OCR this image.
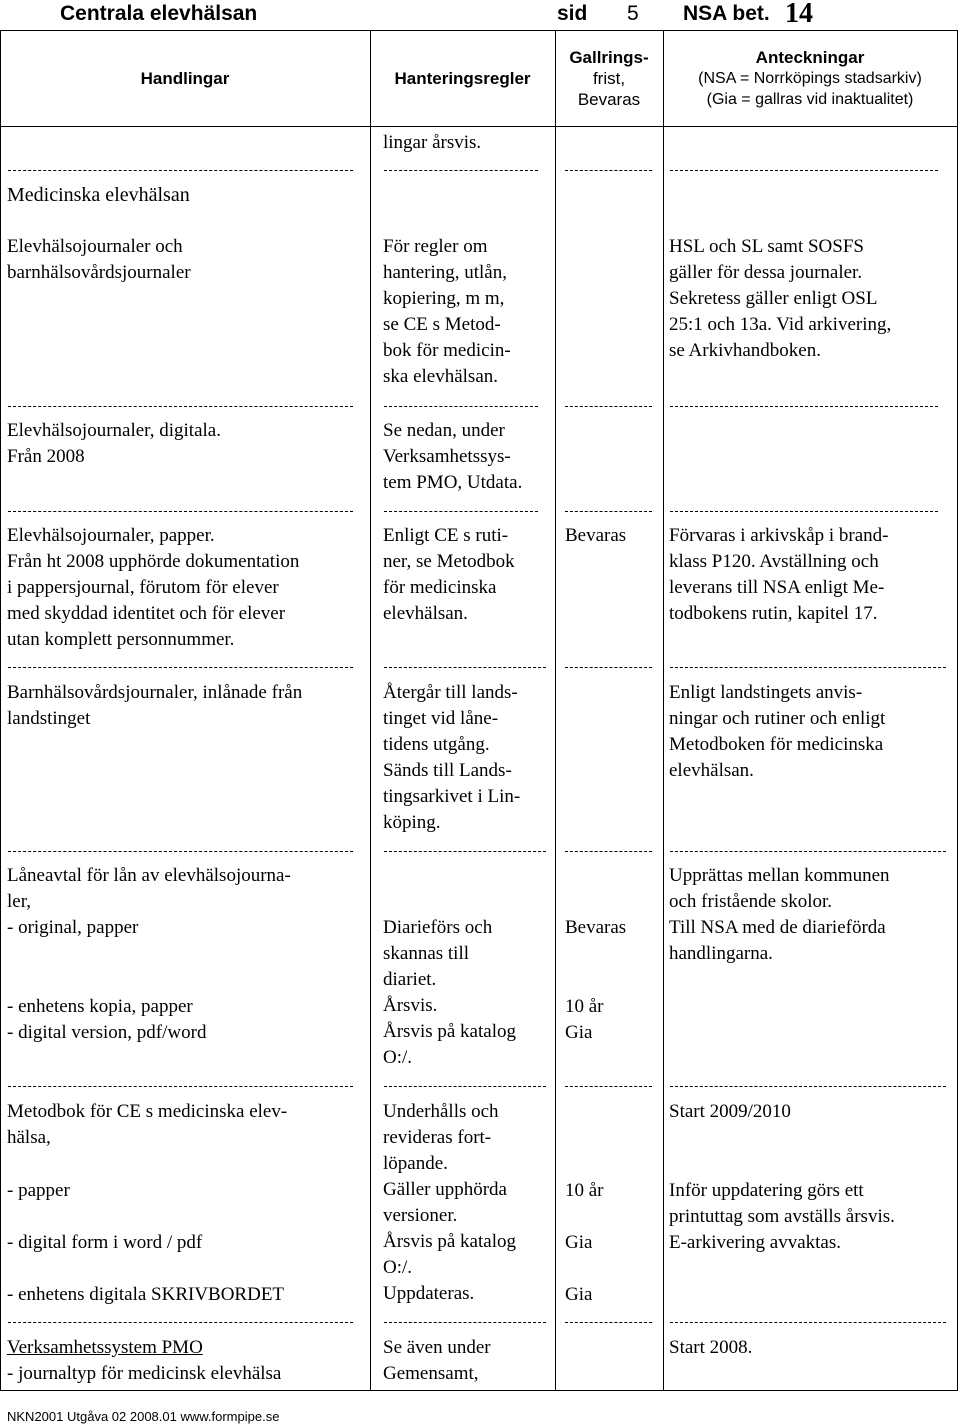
Centrala elevhälsan	sid 5 NSA bet. 14
Handlingar	Hanteringsregler
Gallrings-
frist,
Bevaras
Anteckningar
(NSA = Norrköpings stadsarkiv)
(Gia = gallras vid inaktualitet)
lingar årsvis.
Medicinska elevhälsan
Elevhälsojournaler och
barnhälsovårdsjournaler
För regler om
hantering, utlån,
kopiering, m m,
se CE s Metod-
bok för medicin-
ska elevhälsan.
HSL och SL samt SOSFS
gäller för dessa journaler.
Sekretess gäller enligt OSL
25:1 och 13a. Vid arkivering,
se Arkivhandboken.
Elevhälsojournaler, digitala.
Från 2008
Se nedan, under
Verksamhetssys-
tem PMO, Utdata.
Elevhälsojournaler, papper.
Från ht 2008 upphörde dokumentation
i pappersjournal, förutom för elever
med skyddad identitet och för elever
utan komplett personnummer.
Enligt CE s ruti-
ner, se Metodbok
för medicinska
elevhälsan.
Bevaras Förvaras i arkivskåp i brand-
klass P120. Avställning och
leverans till NSA enligt Me-
todbokens rutin, kapitel 17.
Barnhälsovårdsjournaler, inlånade från
landstinget
Återgår till lands-
tinget vid låne-
tidens utgång.
Sänds till Lands-
tingsarkivet i Lin-
köping.
Enligt landstingets anvis-
ningar och rutiner och enligt
Metodboken för medicinska
elevhälsan.
Låneavtal för lån av elevhälsojourna-
ler,
- original, papper
- enhetens kopia, papper
- digital version, pdf/word
Diarieförs och
skannas till
diariet.
Årsvis.
Årsvis på katalog
O:/.
Bevaras
10 år
Gia
Upprättas mellan kommunen
och fristående skolor.
Till NSA med de diarieförda
handlingarna.
Metodbok för CE s medicinska elev-
hälsa,
- papper
- digital form i word / pdf
- enhetens digitala SKRIVBORDET
Underhålls och
revideras fort-
löpande.
Gäller upphörda
versioner.
Årsvis på katalog
O:/.
Uppdateras.
10 år
Gia
Gia
Start 2009/2010
Inför uppdatering görs ett
printuttag som avställs årsvis.
E-arkivering avvaktas.
Verksamhetssystem PMO
- journaltyp för medicinsk elevhälsa
Se även under
Gemensamt,
Start 2008.
NKN2001 Utgåva 02 2008.01 www.formpipe.se
